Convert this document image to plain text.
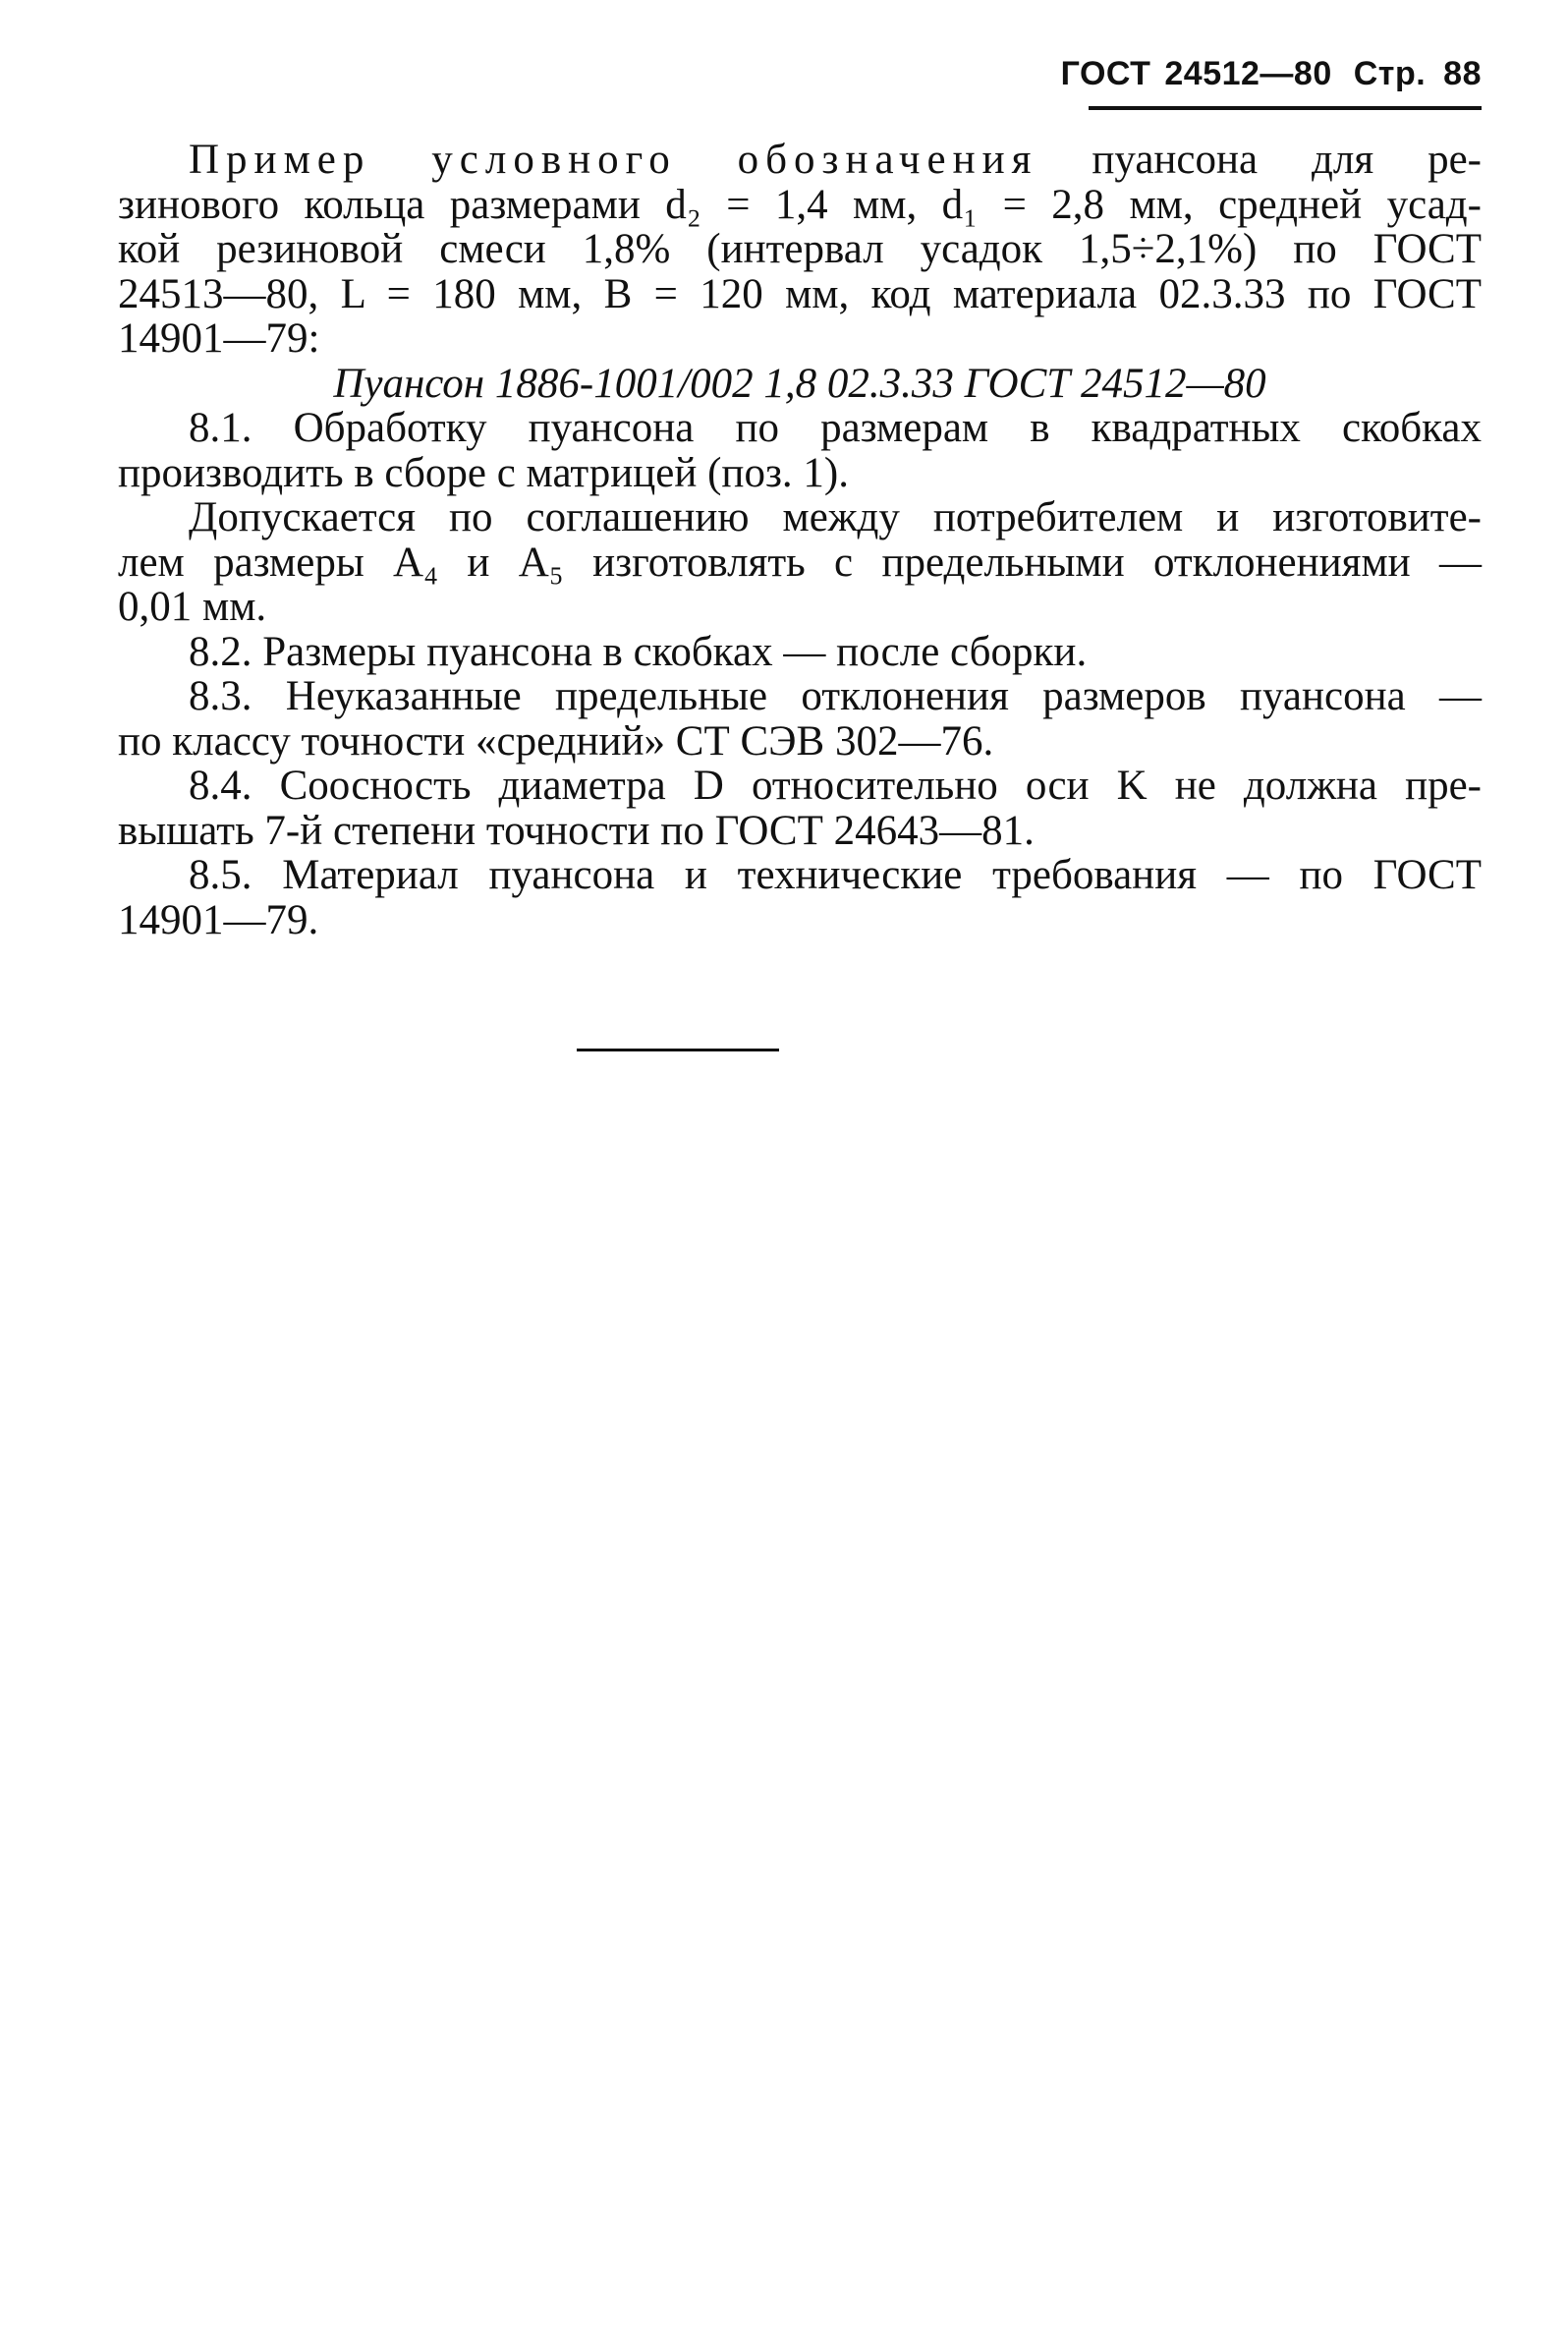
ГОСТ 24512—80 Стр. 88
Пример условного обозначения пуансона для ре-
зинового кольца размерами d₂ = 1,4 мм, d₁ = 2,8 мм, средней усад-
кой резиновой смеси 1,8% (интервал усадок 1,5÷2,1%) по ГОСТ
24513—80, L = 180 мм, B = 120 мм, код материала 02.3.33 по ГОСТ
14901—79:
Пуансон 1886-1001/002 1,8 02.3.33 ГОСТ 24512—80
8.1. Обработку пуансона по размерам в квадратных скобках
производить в сборе с матрицей (поз. 1).
Допускается по соглашению между потребителем и изготовите-
лем размеры A₄ и A₅ изготовлять с предельными отклонениями —
0,01 мм.
8.2. Размеры пуансона в скобках — после сборки.
8.3. Неуказанные предельные отклонения размеров пуансона —
по классу точности «средний» СТ СЭВ 302—76.
8.4. Соосность диаметра D относительно оси K не должна пре-
вышать 7-й степени точности по ГОСТ 24643—81.
8.5. Материал пуансона и технические требования — по ГОСТ
14901—79.
